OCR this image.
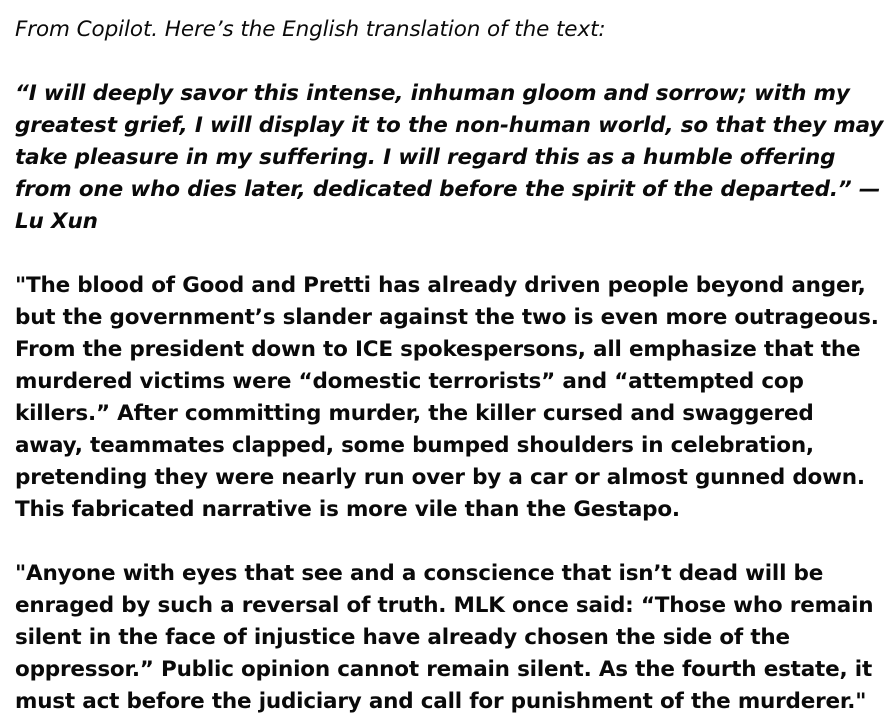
From Copilot. Here’s the English translation of the text:

“I will deeply savor this intense, inhuman gloom and sorrow; with my greatest grief, I will display it to the non-human world, so that they may take pleasure in my suffering. I will regard this as a humble offering from one who dies later, dedicated before the spirit of the departed.” — Lu Xun

"The blood of Good and Pretti has already driven people beyond anger, but the government’s slander against the two is even more outrageous. From the president down to ICE spokespersons, all emphasize that the murdered victims were “domestic terrorists” and “attempted cop killers.” After committing murder, the killer cursed and swaggered away, teammates clapped, some bumped shoulders in celebration, pretending they were nearly run over by a car or almost gunned down. This fabricated narrative is more vile than the Gestapo.

"Anyone with eyes that see and a conscience that isn’t dead will be enraged by such a reversal of truth. MLK once said: “Those who remain silent in the face of injustice have already chosen the side of the oppressor.” Public opinion cannot remain silent. As the fourth estate, it must act before the judiciary and call for punishment of the murderer."
